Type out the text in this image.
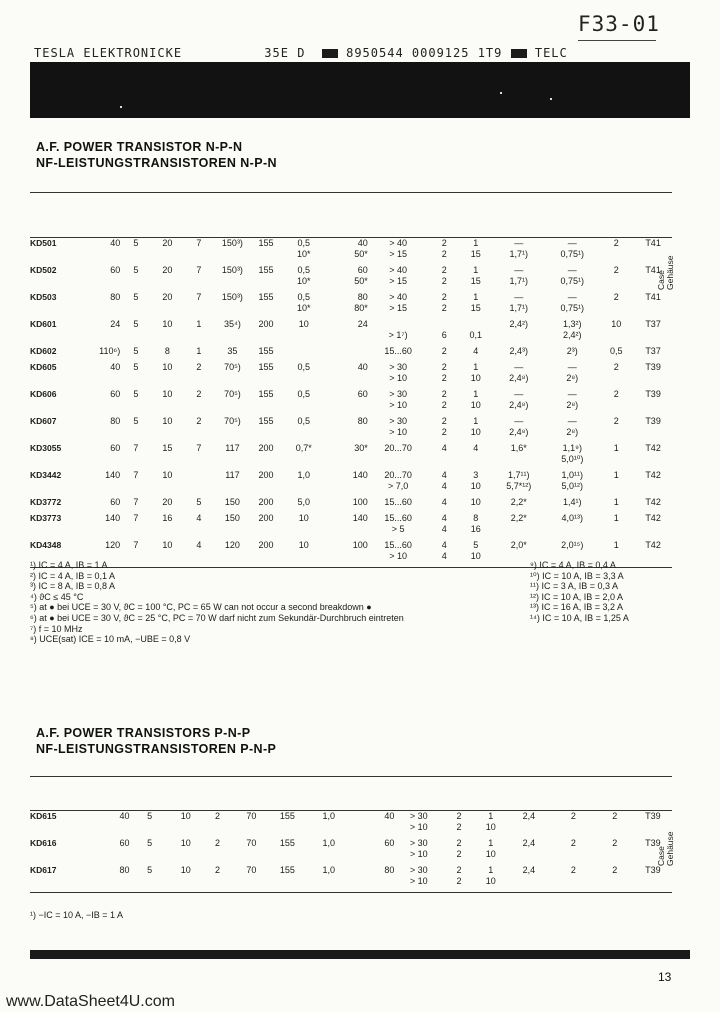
F33-01
TESLA ELEKTRONICKE	35E D	8950544 0009125 1T9	TELC
A.F. POWER TRANSISTOR N-P-N
NF-LEISTUNGSTRANSISTOREN N-P-N

KD501	40	5	20	7	150³)	155	0,5	40	> 40	2	1	—	—	2	T41
							10*	50*	> 15	2	15	1,7¹)	0,75¹)		

KD502	60	5	20	7	150³)	155	0,5	60	> 40	2	1	—	—	2	T41
							10*	50*	> 15	2	15	1,7¹)	0,75¹)		

KD503	80	5	20	7	150³)	155	0,5	80	> 40	2	1	—	—	2	T41
							10*	80*	> 15	2	15	1,7¹)	0,75¹)		

KD601	24	5	10	1	35⁴)	200	10	24				2,4²)	1,3²)	10	T37
									> 1⁷)	6	0,1		2,4²)		

KD602	110⁶)	5	8	1	35	155			15...60	2	4	2,4³)	2³)	0,5	T37

KD605	40	5	10	2	70⁵)	155	0,5	40	> 30	2	1	—	—	2	T39
									> 10	2	10	2,4⁸)	2⁸)		

KD606	60	5	10	2	70⁵)	155	0,5	60	> 30	2	1	—	—	2	T39
									> 10	2	10	2,4⁸)	2⁸)		

KD607	80	5	10	2	70⁵)	155	0,5	80	> 30	2	1	—	—	2	T39
									> 10	2	10	2,4⁸)	2⁸)		

KD3055	60	7	15	7	117	200	0,7*	30*	20...70	4	4	1,6*	1,1⁹)	1	T42
													5,0¹⁰)		

KD3442	140	7	10		117	200	1,0	140	20...70	4	3	1,7¹¹)	1,0¹¹)	1	T42
									> 7,0	4	10	5,7*¹²)	5,0¹²)		

KD3772	60	7	20	5	150	200	5,0	100	15...60	4	10	2,2*	1,4¹)	1	T42

KD3773	140	7	16	4	150	200	10	140	15...60	4	8	2,2*	4,0¹³)	1	T42
									> 5	4	16				

KD4348	120	7	10	4	120	200	10	100	15...60	4	5	2,0*	2,0¹⁵)	1	T42
									> 10	4	10				

Case Gehäuse
¹) IC = 4 A, IB = 1 A
²) IC = 4 A, IB = 0,1 A
³) IC = 8 A, IB = 0,8 A
⁴) ϑC ≤ 45 °C
⁵) at ● bei UCE = 30 V, ϑC = 100 °C, PC = 65 W can not occur a second breakdown ●
⁶) at ● bei UCE = 30 V, ϑC = 25 °C, PC = 70 W darf nicht zum Sekundär-Durchbruch eintreten
⁷) f = 10 MHz
⁸) UCE(sat) ICE = 10 mA, −UBE = 0,8 V
⁹) IC = 4 A, IB = 0,4 A
¹⁰) IC = 10 A, IB = 3,3 A
¹¹) IC = 3 A, IB = 0,3 A
¹²) IC = 10 A, IB = 2,0 A
¹³) IC = 16 A, IB = 3,2 A
¹⁴) IC = 10 A, IB = 1,25 A
A.F. POWER TRANSISTORS P-N-P
NF-LEISTUNGSTRANSISTOREN P-N-P

KD615	40	5	10	2	70	155	1,0	40	> 30	2	1	2,4	2	2	T39
									> 10	2	10				

KD616	60	5	10	2	70	155	1,0	60	> 30	2	1	2,4	2	2	T39
									> 10	2	10				

KD617	80	5	10	2	70	155	1,0	80	> 30	2	1	2,4	2	2	T39
									> 10	2	10				

Case Gehäuse
¹) −IC = 10 A, −IB = 1 A
13
www.DataSheet4U.com
